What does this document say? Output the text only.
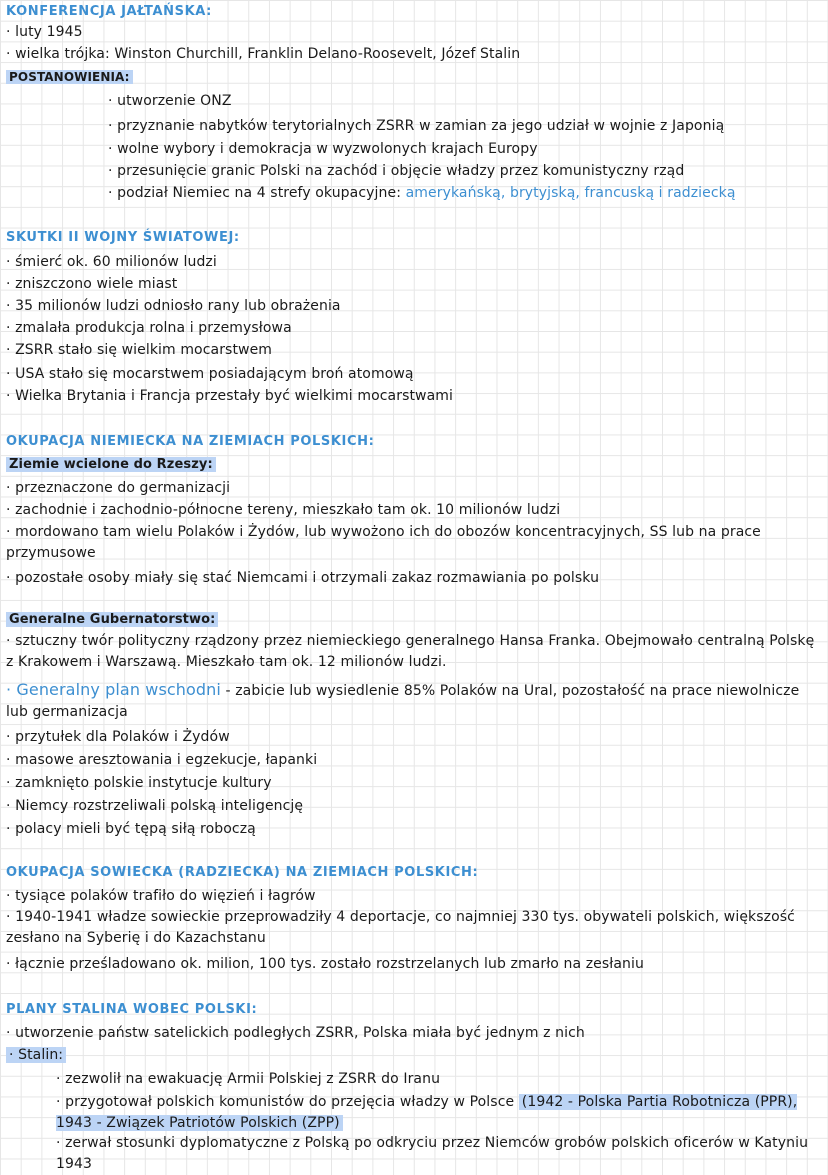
KONFERENCJA JAŁTAŃSKA:
· luty 1945
· wielka trójka: Winston Churchill, Franklin Delano-Roosevelt, Józef Stalin
POSTANOWIENIA:
· utworzenie ONZ
· przyznanie nabytków terytorialnych ZSRR w zamian za jego udział w wojnie z Japonią
· wolne wybory i demokracja w wyzwolonych krajach Europy
· przesunięcie granic Polski na zachód i objęcie władzy przez komunistyczny rząd
· podział Niemiec na 4 strefy okupacyjne: amerykańską, brytyjską, francuską i radziecką
SKUTKI II WOJNY ŚWIATOWEJ:
· śmierć ok. 60 milionów ludzi
· zniszczono wiele miast
· 35 milionów ludzi odniosło rany lub obrażenia
· zmalała produkcja rolna i przemysłowa
· ZSRR stało się wielkim mocarstwem
· USA stało się mocarstwem posiadającym broń atomową
· Wielka Brytania i Francja przestały być wielkimi mocarstwami
OKUPACJA NIEMIECKA NA ZIEMIACH POLSKICH:
Ziemie wcielone do Rzeszy:
· przeznaczone do germanizacji
· zachodnie i zachodnio-północne tereny, mieszkało tam ok. 10 milionów ludzi
· mordowano tam wielu Polaków i Żydów, lub wywożono ich do obozów koncentracyjnych, SS lub na prace przymusowe
· pozostałe osoby miały się stać Niemcami i otrzymali zakaz rozmawiania po polsku
Generalne Gubernatorstwo:
· sztuczny twór polityczny rządzony przez niemieckiego generalnego Hansa Franka. Obejmowało centralną Polskę z Krakowem i Warszawą. Mieszkało tam ok. 12 milionów ludzi.
· Generalny plan wschodni - zabicie lub wysiedlenie 85% Polaków na Ural, pozostałość na prace niewolnicze lub germanizacja
· przytułek dla Polaków i Żydów
· masowe aresztowania i egzekucje, łapanki
· zamknięto polskie instytucje kultury
· Niemcy rozstrzeliwali polską inteligencję
· polacy mieli być tępą siłą roboczą
OKUPACJA SOWIECKA (RADZIECKA) NA ZIEMIACH POLSKICH:
· tysiące polaków trafiło do więzień i łagrów
· 1940-1941 władze sowieckie przeprowadziły 4 deportacje, co najmniej 330 tys. obywateli polskich, większość zesłano na Syberię i do Kazachstanu
· łącznie prześladowano ok. milion, 100 tys. zostało rozstrzelanych lub zmarło na zesłaniu
PLANY STALINA WOBEC POLSKI:
· utworzenie państw satelickich podległych ZSRR, Polska miała być jednym z nich
· Stalin:
· zezwolił na ewakuację Armii Polskiej z ZSRR do Iranu
· przygotował polskich komunistów do przejęcia władzy w Polsce (1942 - Polska Partia Robotnicza (PPR), 1943 - Związek Patriotów Polskich (ZPP)
· zerwał stosunki dyplomatyczne z Polską po odkryciu przez Niemców grobów polskich oficerów w Katyniu 1943
